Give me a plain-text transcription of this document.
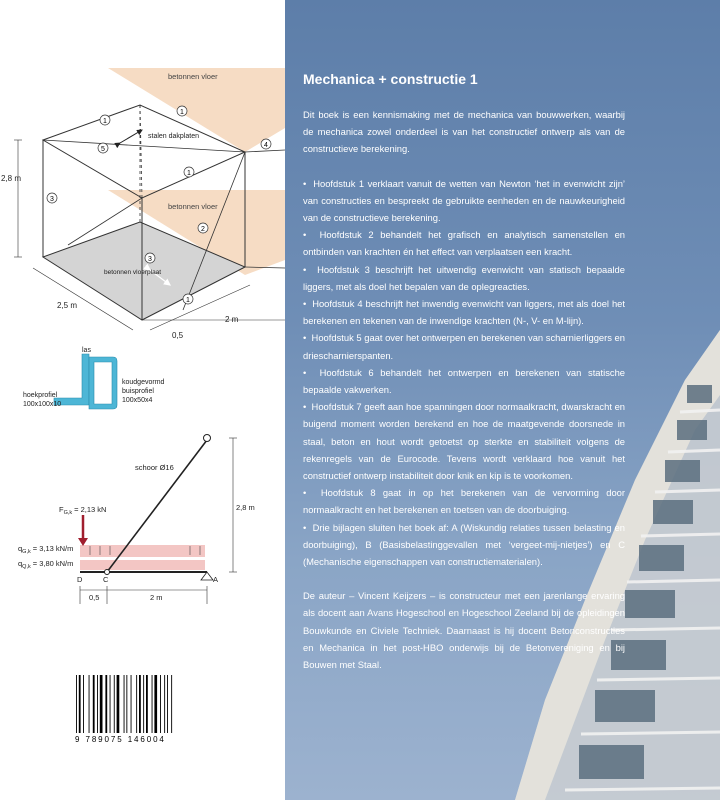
betonnen vloer
betonnen vloer
stalen dakplaten
betonnen vloerplaat
2,8 m
2,5 m
2 m
0,5
1
1
5
4
1
3
2
3
1
las
hoekprofiel 100x100x10
koudgevormd buisprofiel 100x50x4
schoor Ø16
$F_{G,k} = 2,13$ kN
$q_{G,k} = 3,13$ kN/m
$q_{Q,k} = 3,80$ kN/m
2,8 m
0,5	2 m
D	C	A
9 789075 146004
Mechanica + constructie 1

Dit boek is een kennismaking met de mechanica van bouwwerken, waarbij de mechanica zowel onderdeel is van het constructief ontwerp als van de constructieve berekening.

•  Hoofdstuk 1 verklaart vanuit de wetten van Newton ‘het in evenwicht zijn’ van constructies en bespreekt de gebruikte eenheden en de nauwkeurigheid van de constructieve berekening.
•  Hoofdstuk 2 behandelt het grafisch en analytisch samenstellen en ontbinden van krachten én het effect van verplaatsen een kracht.
•  Hoofdstuk 3 beschrijft het uitwendig evenwicht van statisch bepaalde liggers, met als doel het bepalen van de oplegreacties.
•  Hoofdstuk 4 beschrijft het inwendig evenwicht van liggers, met als doel het berekenen en tekenen van de inwendige krachten (N-, V- en M-lijn).
•  Hoofdstuk 5 gaat over het ontwerpen en berekenen van scharnierliggers en driescharnierspanten.
•  Hoofdstuk 6 behandelt het ontwerpen en berekenen van statische bepaalde vakwerken.
•  Hoofdstuk 7 geeft aan hoe spanningen door normaalkracht, dwarskracht en buigend moment worden berekend en hoe de maatgevende doorsnede in staal, beton en hout wordt getoetst op sterkte en stabiliteit volgens de rekenregels van de Eurocode. Tevens wordt verklaard hoe vanuit het constructief ontwerp instabiliteit door knik en kip is te voorkomen.
•  Hoofdstuk 8 gaat in op het berekenen van de vervorming door normaalkracht en het berekenen en toetsen van de doorbuiging.
•  Drie bijlagen sluiten het boek af: A (Wiskundig relaties tussen belasting en doorbuiging), B (Basisbelastinggevallen met ‘vergeet-mij-nietjes’) en C (Mechanische eigenschappen van constructiematerialen).

De auteur – Vincent Keijzers – is constructeur met een jarenlange ervaring als docent aan Avans Hogeschool en Hogeschool Zeeland bij de opleidingen Bouwkunde en Civiele Techniek. Daarnaast is hij docent Betonconstructies en Mechanica in het post-HBO onderwijs bij de Betonvereniging en bij Bouwen met Staal.
